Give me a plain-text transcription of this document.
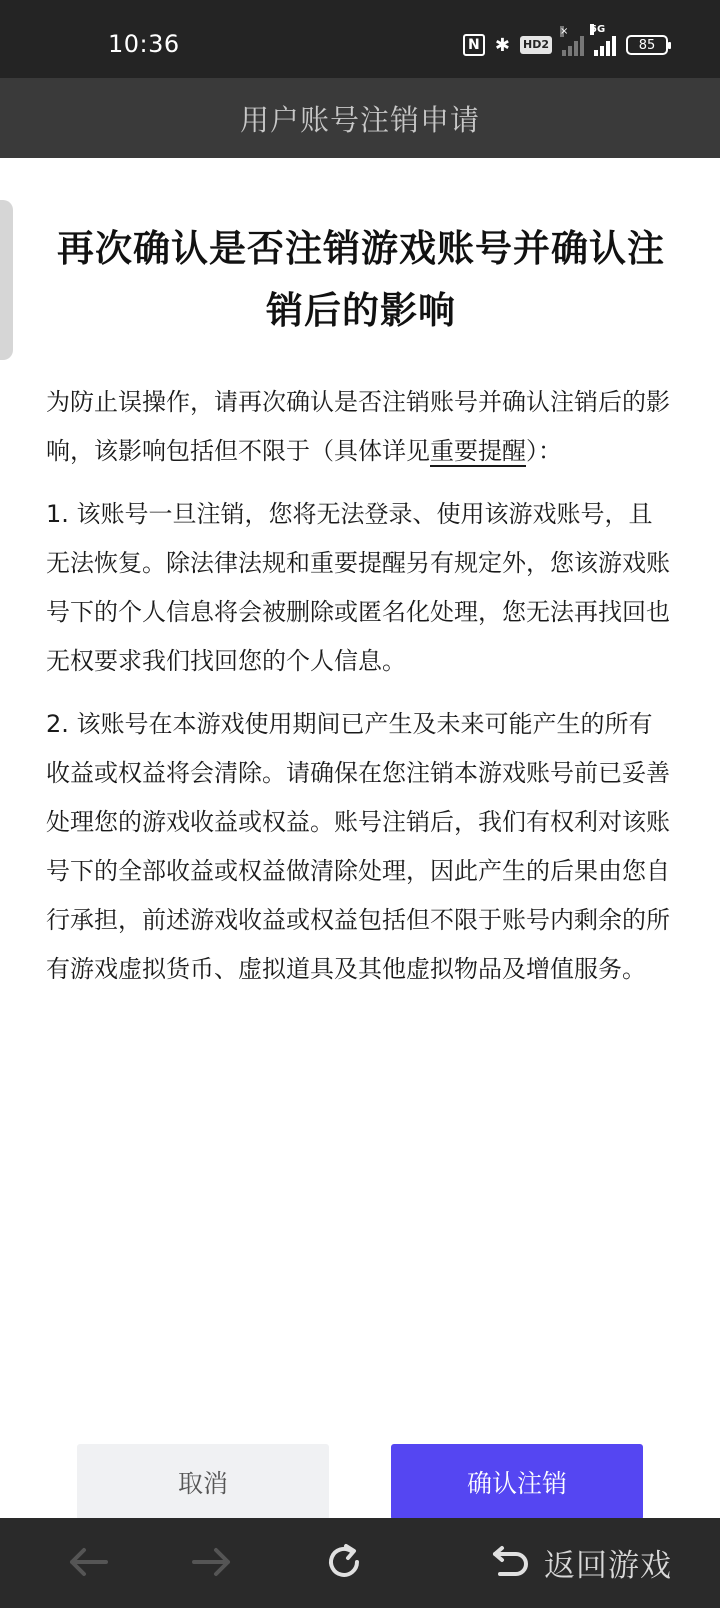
10:36	N ✱ HD2
× 5G
85
用户账号注销申请
再次确认是否注销游戏账号并确认注销后的影响

为防止误操作，请再次确认是否注销账号并确认注销后的影响，该影响包括但不限于（具体详见重要提醒）：

1. 该账号一旦注销，您将无法登录、使用该游戏账号，且无法恢复。除法律法规和重要提醒另有规定外，您该游戏账号下的个人信息将会被删除或匿名化处理，您无法再找回也无权要求我们找回您的个人信息。

2. 该账号在本游戏使用期间已产生及未来可能产生的所有收益或权益将会清除。请确保在您注销本游戏账号前已妥善处理您的游戏收益或权益。账号注销后，我们有权利对该账号下的全部收益或权益做清除处理，因此产生的后果由您自行承担，前述游戏收益或权益包括但不限于账号内剩余的所有游戏虚拟货币、虚拟道具及其他虚拟物品及增值服务。

取消	确认注销
返回游戏
